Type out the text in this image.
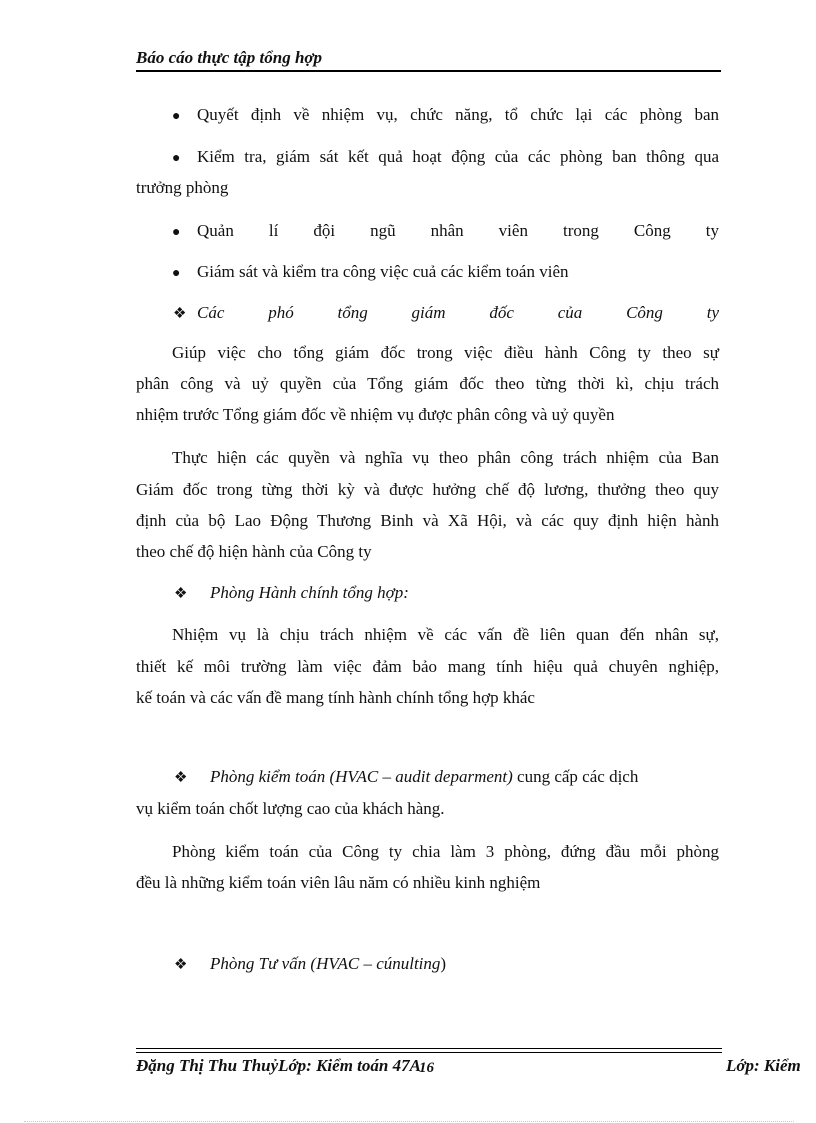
Báo cáo thực tập tổng hợp
● Quyết định về nhiệm vụ, chức năng, tổ chức lại các phòng ban
● Kiểm tra, giám sát kết quả hoạt động của các phòng ban thông qua
trưởng phòng
● Quản lí đội ngũ nhân viên trong Công ty
● Giám sát và kiểm tra công việc cuả các kiểm toán viên
❖ Các phó tổng giám đốc của Công ty
Giúp việc cho tổng giám đốc trong việc điều hành Công ty theo sự
phân công và uỷ quyền của Tổng giám đốc theo từng thời kì, chịu trách
nhiệm trước Tổng giám đốc về nhiệm vụ được phân công và uỷ quyền
Thực hiện các quyền và nghĩa vụ theo phân công trách nhiệm của Ban
Giám đốc trong từng thời kỳ và được hưởng chế độ lương, thưởng theo quy
định của bộ Lao Động Thương Binh và Xã Hội, và các quy định hiện hành
theo chế độ hiện hành của Công ty
❖ Phòng Hành chính tổng hợp:
Nhiệm vụ là chịu trách nhiệm về các vấn đề liên quan đến nhân sự,
thiết kế môi trường làm việc đảm bảo mang tính hiệu quả chuyên nghiệp,
kế toán và các vấn đề mang tính hành chính tổng hợp khác
❖ Phòng kiểm toán (HVAC – audit deparment) cung cấp các dịch
vụ kiểm toán chốt lượng cao của khách hàng.
Phòng kiểm toán của Công ty chia làm 3 phòng, đứng đầu mỗi phòng
đều là những kiểm toán viên lâu năm có nhiều kinh nghiệm
❖ Phòng Tư vấn (HVAC – cúnulting)
Đặng Thị Thu ThuỷLớp: Kiểm toán 47A
16	Lớp: Kiểm
